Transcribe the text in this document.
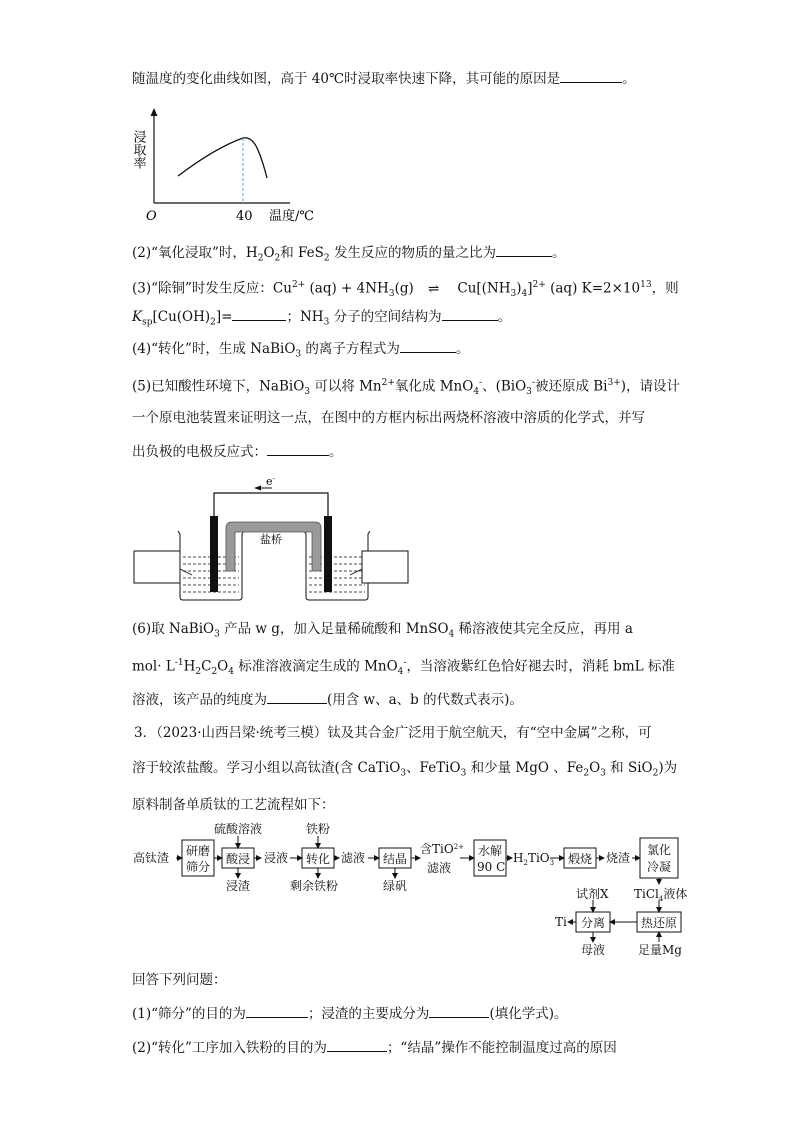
随温度的变化曲线如图，高于 40℃时浸取率快速下降，其可能的原因是	。
浸取率
O	40 温度/℃
(2)“氧化浸取”时，$H_2O_2$和 FeS$_2$ 发生反应的物质的量之比为	。
(3)“除铜”时发生反应：$Cu^{2+}$ $(aq) + 4NH_3(g)$ ⇌ $Cu[(NH_3)_4]^{2+}$ (aq) $K=2\times 10^{13}$，则
$K_{sp}[Cu(OH)_2]=$	；$NH_3$ 分子的空间结构为	。
(4)“转化”时，生成 NaBiO$_3$ 的离子方程式为	。
(5)已知酸性环境下，NaBiO$_3$ 可以将 $Mn^{2+}$氧化成 MnO$_4$-、(BiO$_3$-被还原成 $Bi^{3+}$)，请设计
一个原电池装置来证明这一点，在图中的方框内标出两烧杯溶液中溶质的化学式，并写
出负极的电极反应式：	。
e-
盐桥
(6)取 NaBiO$_3$ 产品 w g，加入足量稀硫酸和 MnSO$_4$ 稀溶液使其完全反应，再用 a
$mol\cdot L^{-1}H_2C_2O_4$ 标准溶液滴定生成的 MnO$_4$-，当溶液紫红色恰好褪去时，消耗 bmL 标准
溶液，该产品的纯度为	(用含 w、a、b 的代数式表示)。
3．（2023·山西吕梁·统考三模）钛及其合金广泛用于航空航天，有“空中金属”之称，可
溶于较浓盐酸。学习小组以高钛渣(含 CaTiO$_3$、FeTiO$_3$ 和少量 MgO 、$Fe_2O_3$ 和 SiO$_2$)为
原料制备单质钛的工艺流程如下：
高钛渣 研磨
筛分
硫酸溶液
酸浸
浸渣
浸液
铁粉
转化
剩余铁粉
滤液 结晶
绿矾
含TiO$^{2+}$
滤液
水解
90 C
$H_2TiO_3$ 煅烧 烧渣
氯化
冷凝
TiCl$_4$液体
热还原
足量Mg
试剂X
分离
母液
Ti
回答下列问题：
(1)“筛分”的目的为	；浸渣的主要成分为	(填化学式)。
(2)“转化”工序加入铁粉的目的为	；“结晶”操作不能控制温度过高的原因
